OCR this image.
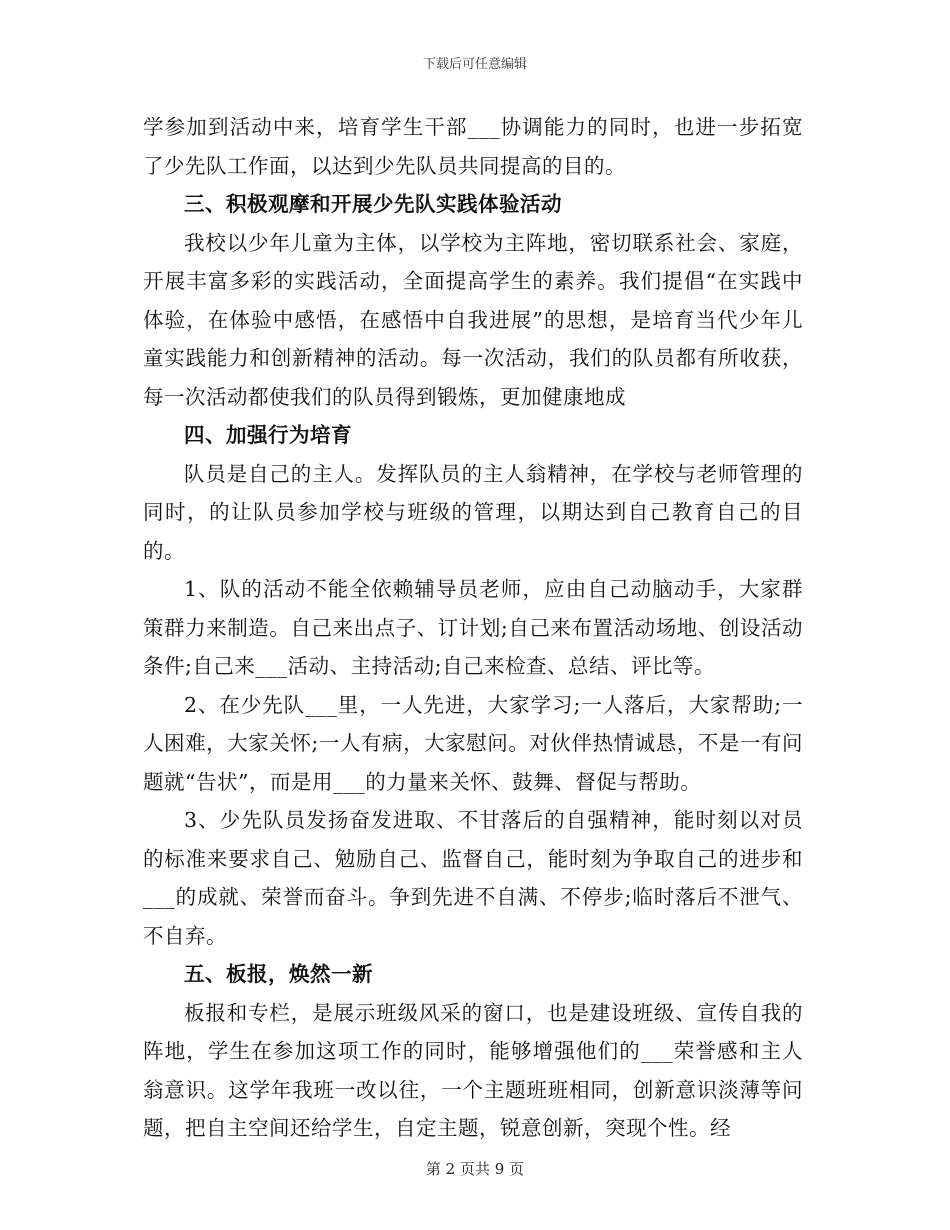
下载后可任意编辑

学参加到活动中来，培育学生干部___协调能力的同时，也进一步拓宽了少先队工作面，以达到少先队员共同提高的目的。

三、积极观摩和开展少先队实践体验活动

我校以少年儿童为主体，以学校为主阵地，密切联系社会、家庭，开展丰富多彩的实践活动，全面提高学生的素养。我们提倡“在实践中体验，在体验中感悟，在感悟中自我进展”的思想，是培育当代少年儿童实践能力和创新精神的活动。每一次活动，我们的队员都有所收获，每一次活动都使我们的队员得到锻炼，更加健康地成

四、加强行为培育

队员是自己的主人。发挥队员的主人翁精神，在学校与老师管理的同时，的让队员参加学校与班级的管理，以期达到自己教育自己的目的。

1、队的活动不能全依赖辅导员老师，应由自己动脑动手，大家群策群力来制造。自己来出点子、订计划;自己来布置活动场地、创设活动条件;自己来___活动、主持活动;自己来检查、总结、评比等。

2、在少先队___里，一人先进，大家学习;一人落后，大家帮助;一人困难，大家关怀;一人有病，大家慰问。对伙伴热情诚恳，不是一有问题就“告状”，而是用___的力量来关怀、鼓舞、督促与帮助。

3、少先队员发扬奋发进取、不甘落后的自强精神，能时刻以对员的标准来要求自己、勉励自己、监督自己，能时刻为争取自己的进步和___的成就、荣誉而奋斗。争到先进不自满、不停步;临时落后不泄气、不自弃。

五、板报，焕然一新

板报和专栏，是展示班级风采的窗口，也是建设班级、宣传自我的阵地，学生在参加这项工作的同时，能够增强他们的___荣誉感和主人翁意识。这学年我班一改以往，一个主题班班相同，创新意识淡薄等问题，把自主空间还给学生，自定主题，锐意创新，突现个性。经

第 2 页共 9 页
